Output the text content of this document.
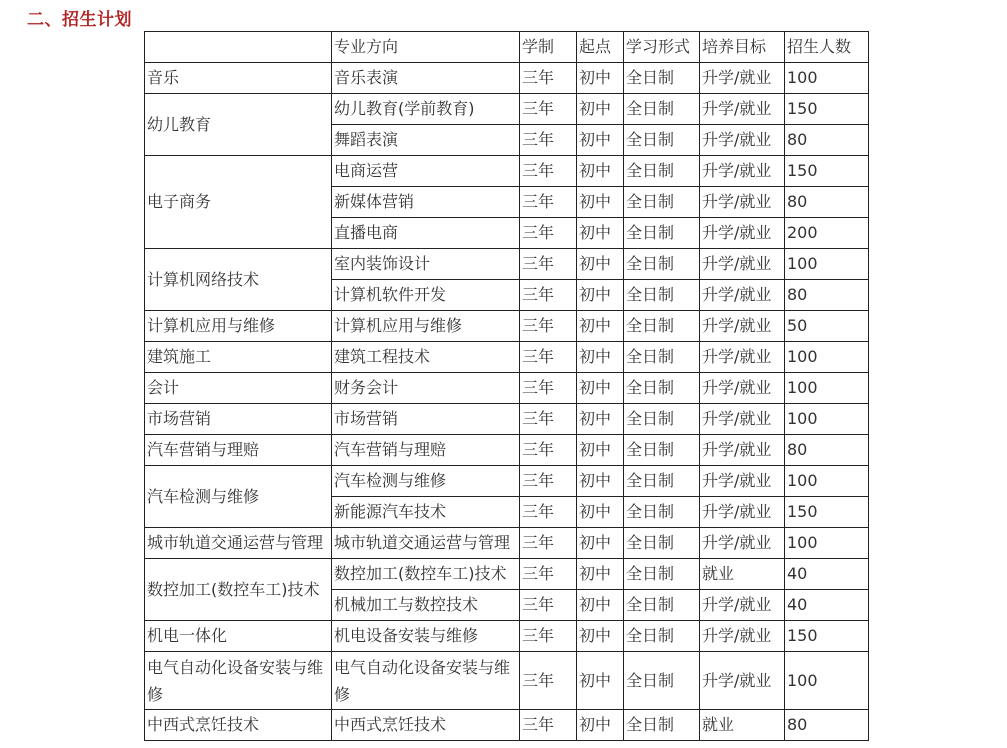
二、招生计划
	专业方向	学制	起点	学习形式	培养目标	招生人数
音乐	音乐表演	三年	初中	全日制	升学/就业	100
幼儿教育	幼儿教育(学前教育)	三年	初中	全日制	升学/就业	150
	舞蹈表演	三年	初中	全日制	升学/就业	80
电子商务	电商运营	三年	初中	全日制	升学/就业	150
	新媒体营销	三年	初中	全日制	升学/就业	80
	直播电商	三年	初中	全日制	升学/就业	200
计算机网络技术	室内装饰设计	三年	初中	全日制	升学/就业	100
	计算机软件开发	三年	初中	全日制	升学/就业	80
计算机应用与维修	计算机应用与维修	三年	初中	全日制	升学/就业	50
建筑施工	建筑工程技术	三年	初中	全日制	升学/就业	100
会计	财务会计	三年	初中	全日制	升学/就业	100
市场营销	市场营销	三年	初中	全日制	升学/就业	100
汽车营销与理赔	汽车营销与理赔	三年	初中	全日制	升学/就业	80
汽车检测与维修	汽车检测与维修	三年	初中	全日制	升学/就业	100
	新能源汽车技术	三年	初中	全日制	升学/就业	150
城市轨道交通运营与管理	城市轨道交通运营与管理	三年	初中	全日制	升学/就业	100
数控加工(数控车工)技术	数控加工(数控车工)技术	三年	初中	全日制	就业	40
	机械加工与数控技术	三年	初中	全日制	升学/就业	40
机电一体化	机电设备安装与维修	三年	初中	全日制	升学/就业	150
电气自动化设备安装与维修	电气自动化设备安装与维修	三年	初中	全日制	升学/就业	100
中西式烹饪技术	中西式烹饪技术	三年	初中	全日制	就业	80
